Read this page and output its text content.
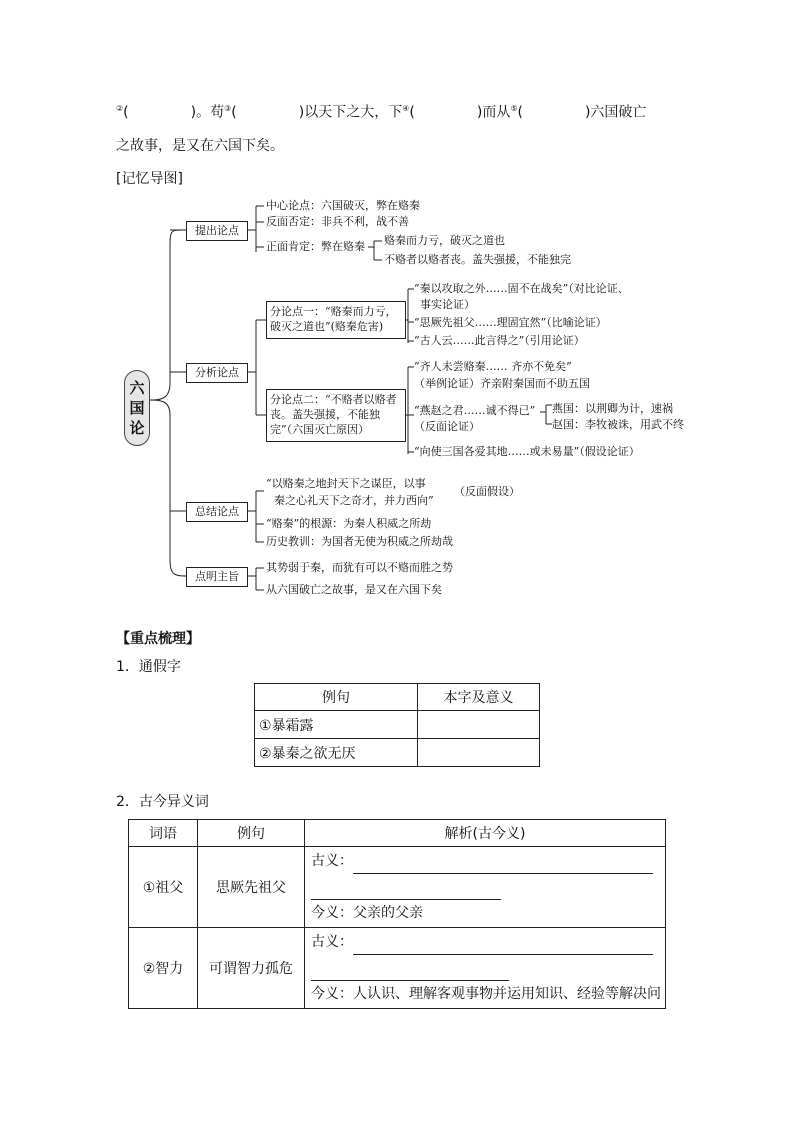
②(	)。苟③(	)以天下之大，下④(	)而从⑤(	)六国破亡
之故事，是又在六国下矣。
[记忆导图]
六
国
论
提出论点
中心论点：六国破灭，弊在赂秦
反面否定：非兵不利，战不善
正面肯定：弊在赂秦 赂秦而力亏，破灭之道也
不赂者以赂者丧。盖失强援，不能独完
分析论点
分论点一：“赂秦而力亏，破灭之道也”(赂秦危害)
“秦以攻取之外……固不在战矣”（对比论证、
事实论证）
“思厥先祖父……理固宜然”（比喻论证）
“古人云……此言得之”（引用论证）
分论点二：“不赂者以赂者丧。盖失强援，不能独完”（六国灭亡原因）
“齐人未尝赂秦…… 齐亦不免矣”
（举例论证）齐亲附秦国而不助五国
“燕赵之君……诚不得已”
（反面论证）
燕国：以荆卿为计，速祸
赵国：李牧被诛，用武不终
“向使三国各爱其地……或未易量”（假设论证）
总结论点
“以赂秦之地封天下之谋臣，以事
秦之心礼天下之奇才，并力西向”
（反面假设）
“赂秦”的根源：为秦人积威之所劫
历史教训：为国者无使为积威之所劫哉
点明主旨
其势弱于秦，而犹有可以不赂而胜之势
从六国破亡之故事，是又在六国下矣
【重点梳理】
1．通假字
例句	本字及意义
①暴霜露	
②暴秦之欲无厌	
2．古今异义词
词语	例句	解析(古今义)
①祖父	思厥先祖父	古义：
今义：父亲的父亲

②智力	可谓智力孤危	古义：
今义：人认识、理解客观事物并运用知识、经验等解决问
